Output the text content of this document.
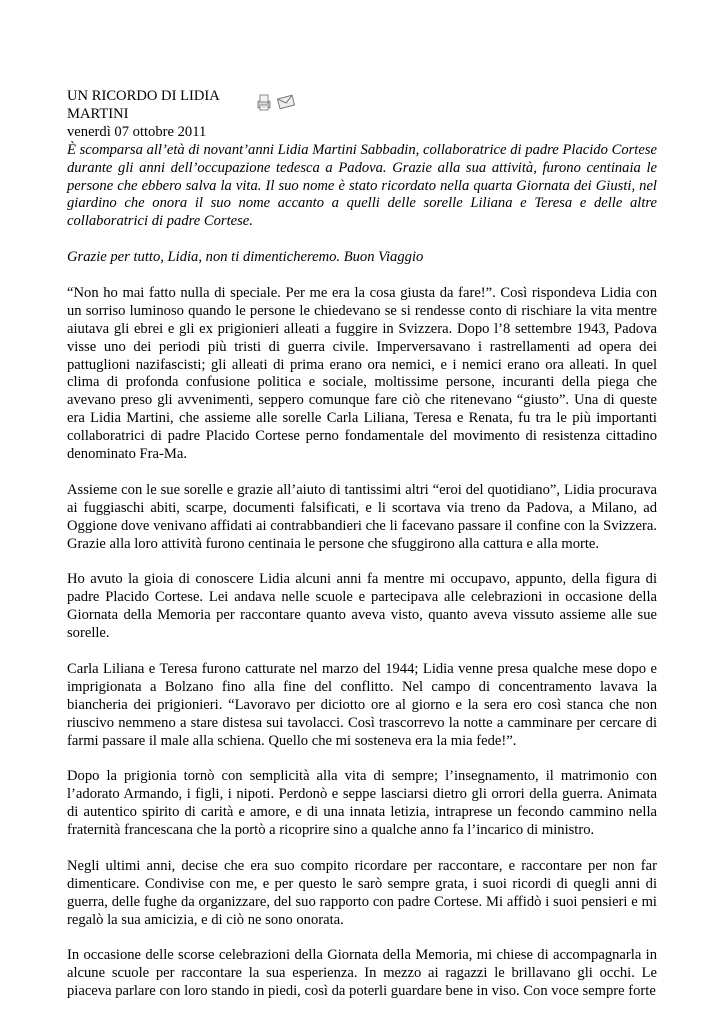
UN RICORDO DI LIDIA MARTINI

venerdì 07 ottobre 2011

È scomparsa all’età di novant’anni Lidia Martini Sabbadin, collaboratrice di padre Placido Cortese durante gli anni dell’occupazione tedesca a Padova. Grazie alla sua attività, furono centinaia le persone che ebbero salva la vita. Il suo nome è stato ricordato nella quarta Giornata dei Giusti, nel giardino che onora il suo nome accanto a quelli delle sorelle Liliana e Teresa e delle altre collaboratrici di padre Cortese.

Grazie per tutto, Lidia, non ti dimenticheremo. Buon Viaggio

“Non ho mai fatto nulla di speciale. Per me era la cosa giusta da fare!”. Così rispondeva Lidia con un sorriso luminoso quando le persone le chiedevano se si rendesse conto di rischiare la vita mentre aiutava gli ebrei e gli ex prigionieri alleati a fuggire in Svizzera. Dopo l’8 settembre 1943, Padova visse uno dei periodi più tristi di guerra civile. Imperversavano i rastrellamenti ad opera dei pattuglioni nazifascisti; gli alleati di prima erano ora nemici, e i nemici erano ora alleati. In quel clima di profonda confusione politica e sociale, moltissime persone, incuranti della piega che avevano preso gli avvenimenti, seppero comunque fare ciò che ritenevano “giusto”. Una di queste era Lidia Martini, che assieme alle sorelle Carla Liliana, Teresa e Renata, fu tra le più importanti collaboratrici di padre Placido Cortese perno fondamentale del movimento di resistenza cittadino denominato Fra-Ma.

Assieme con le sue sorelle e grazie all’aiuto di tantissimi altri “eroi del quotidiano”, Lidia procurava ai fuggiaschi abiti, scarpe, documenti falsificati, e li scortava via treno da Padova, a Milano, ad Oggione dove venivano affidati ai contrabbandieri che li facevano passare il confine con la Svizzera. Grazie alla loro attività furono centinaia le persone che sfuggirono alla cattura e alla morte.

Ho avuto la gioia di conoscere Lidia alcuni anni fa mentre mi occupavo, appunto, della figura di padre Placido Cortese. Lei andava nelle scuole e partecipava alle celebrazioni in occasione della Giornata della Memoria per raccontare quanto aveva visto, quanto aveva vissuto assieme alle sue sorelle.

Carla Liliana e Teresa furono catturate nel marzo del 1944; Lidia venne presa qualche mese dopo e imprigionata a Bolzano fino alla fine del conflitto. Nel campo di concentramento lavava la biancheria dei prigionieri. “Lavoravo per diciotto ore al giorno e la sera ero così stanca che non riuscivo nemmeno a stare distesa sui tavolacci. Così trascorrevo la notte a camminare per cercare di farmi passare il male alla schiena. Quello che mi sosteneva era la mia fede!”.

Dopo la prigionia tornò con semplicità alla vita di sempre; l’insegnamento, il matrimonio con l’adorato Armando, i figli, i nipoti. Perdonò e seppe lasciarsi dietro gli orrori della guerra. Animata di autentico spirito di carità e amore, e di una innata letizia, intraprese un fecondo cammino nella fraternità francescana che la portò a ricoprire sino a qualche anno fa l’incarico di ministro.

Negli ultimi anni, decise che era suo compito ricordare per raccontare, e raccontare per non far dimenticare. Condivise con me, e per questo le sarò sempre grata, i suoi ricordi di quegli anni di guerra, delle fughe da organizzare, del suo rapporto con padre Cortese. Mi affidò i suoi pensieri e mi regalò la sua amicizia, e di ciò ne sono onorata.

In occasione delle scorse celebrazioni della Giornata della Memoria, mi chiese di accompagnarla in alcune scuole per raccontare la sua esperienza. In mezzo ai ragazzi le brillavano gli occhi. Le piaceva parlare con loro stando in piedi, così da poterli guardare bene in viso. Con voce sempre forte
